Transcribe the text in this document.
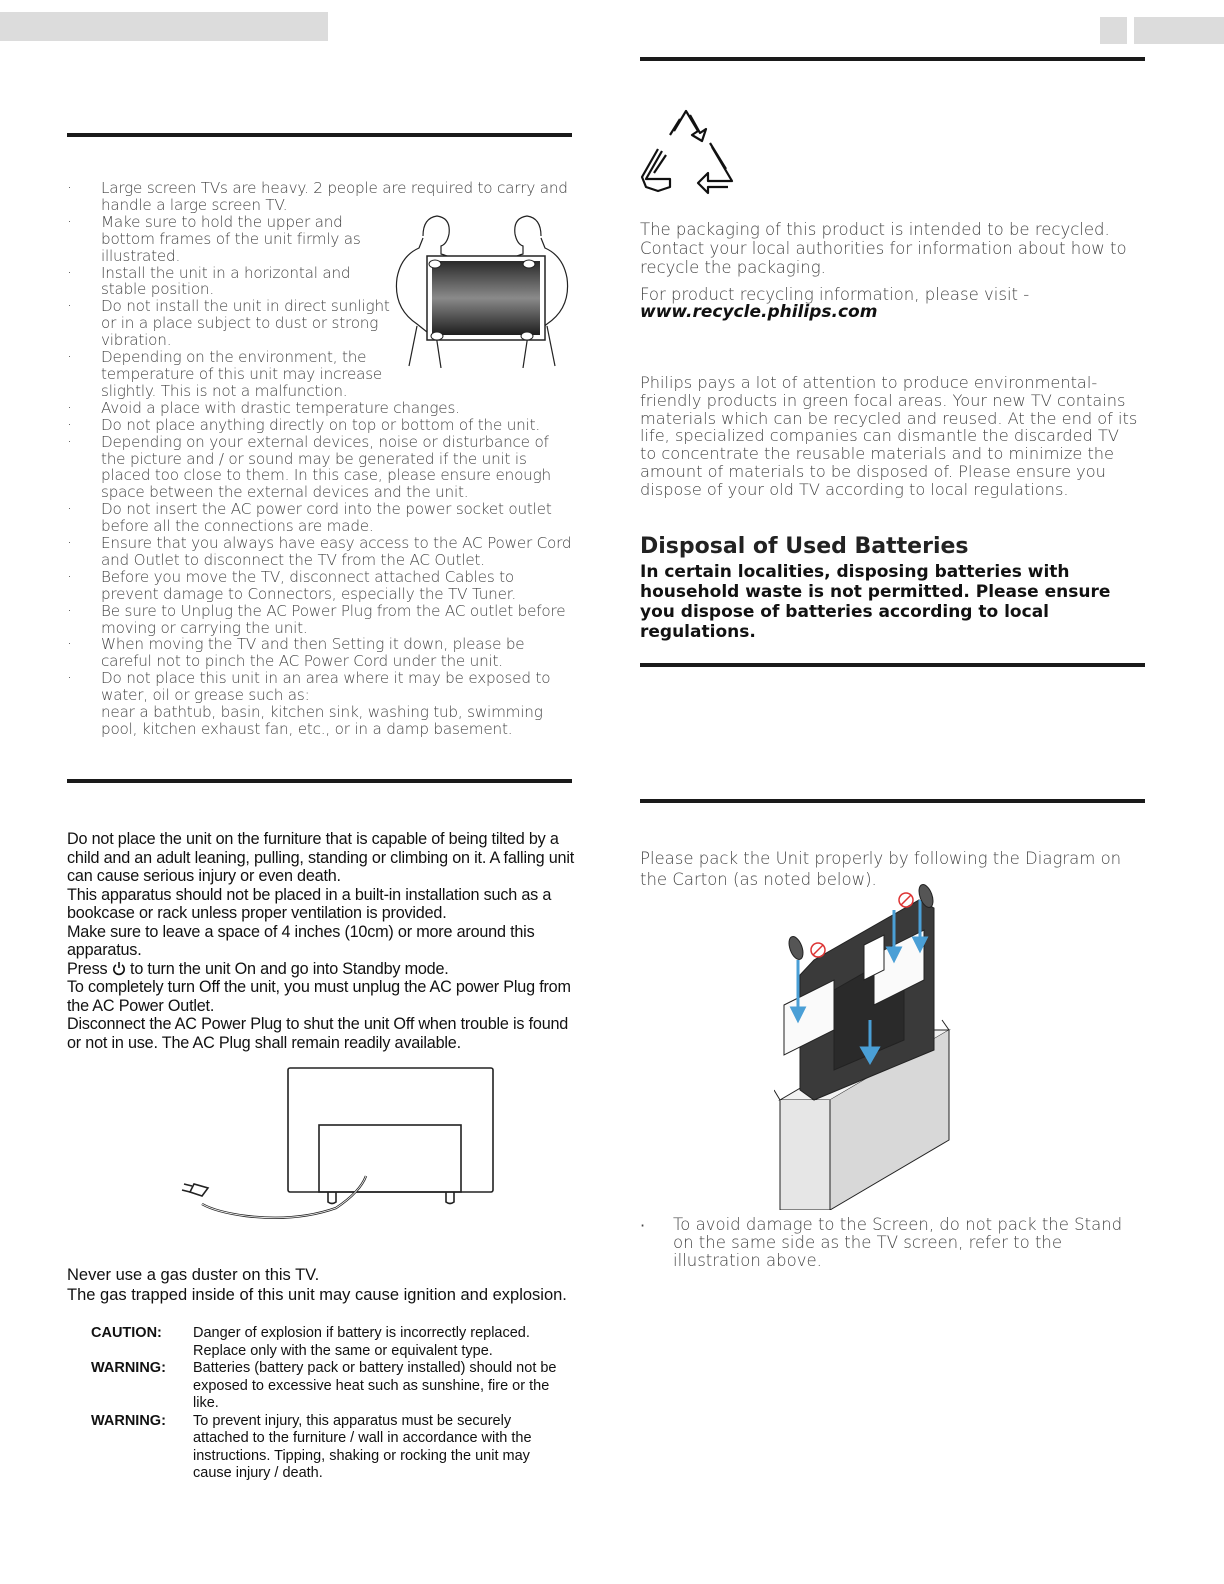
· Large screen TVs are heavy. 2 people are required to carry and handle a large screen TV.
· Make sure to hold the upper and bottom frames of the unit firmly as illustrated.
· Install the unit in a horizontal and stable position.
· Do not install the unit in direct sunlight or in a place subject to dust or strong vibration.
· Depending on the environment, the temperature of this unit may increase slightly. This is not a malfunction.
· Avoid a place with drastic temperature changes.
· Do not place anything directly on top or bottom of the unit.
· Depending on your external devices, noise or disturbance of the picture and / or sound may be generated if the unit is placed too close to them. In this case, please ensure enough space between the external devices and the unit.
· Do not insert the AC power cord into the power socket outlet before all the connections are made.
· Ensure that you always have easy access to the AC Power Cord and Outlet to disconnect the TV from the AC Outlet.
· Before you move the TV, disconnect attached Cables to prevent damage to Connectors, especially the TV Tuner.
· Be sure to Unplug the AC Power Plug from the AC outlet before moving or carrying the unit.
· When moving the TV and then Setting it down, please be careful not to pinch the AC Power Cord under the unit.
· Do not place this unit in an area where it may be exposed to water, oil or grease such as:
near a bathtub, basin, kitchen sink, washing tub, swimming pool, kitchen exhaust fan, etc., or in a damp basement.

Do not place the unit on the furniture that is capable of being tilted by a child and an adult leaning, pulling, standing or climbing on it. A falling unit can cause serious injury or even death.

This apparatus should not be placed in a built-in installation such as a bookcase or rack unless proper ventilation is provided.

Make sure to leave a space of 4 inches (10cm) or more around this apparatus.

Press to turn the unit On and go into Standby mode.

To completely turn Off the unit, you must unplug the AC power Plug from the AC Power Outlet.

Disconnect the AC Power Plug to shut the unit Off when trouble is found or not in use. The AC Plug shall remain readily available.

Never use a gas duster on this TV.

The gas trapped inside of this unit may cause ignition and explosion.

CAUTION:	Danger of explosion if battery is incorrectly replaced. Replace only with the same or equivalent type.
WARNING:	Batteries (battery pack or battery installed) should not be exposed to excessive heat such as sunshine, fire or the like.
WARNING:	To prevent injury, this apparatus must be securely attached to the furniture / wall in accordance with the instructions. Tipping, shaking or rocking the unit may cause injury / death.
The packaging of this product is intended to be recycled. Contact your local authorities for information about how to recycle the packaging.
For product recycling information, please visit -
www.recycle.philips.com
Philips pays a lot of attention to produce environmental-friendly products in green focal areas. Your new TV contains materials which can be recycled and reused. At the end of its life, specialized companies can dismantle the discarded TV to concentrate the reusable materials and to minimize the amount of materials to be disposed of. Please ensure you dispose of your old TV according to local regulations.
Disposal of Used Batteries
In certain localities, disposing batteries with household waste is not permitted. Please ensure you dispose of batteries according to local regulations.
Please pack the Unit properly by following the Diagram on the Carton (as noted below).
· To avoid damage to the Screen, do not pack the Stand on the same side as the TV screen, refer to the illustration above.
